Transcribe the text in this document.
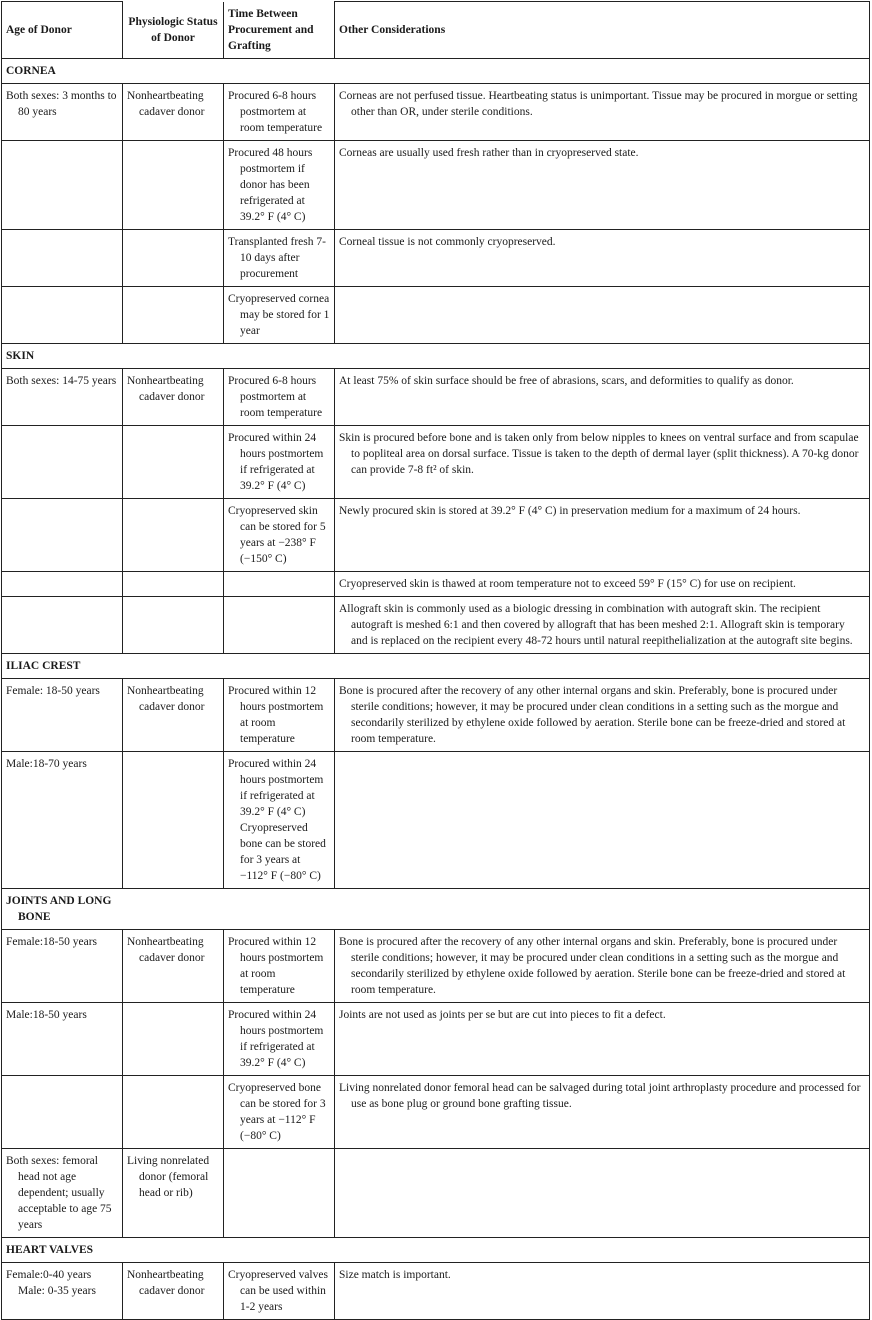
Age of Donor	Physiologic Status of Donor	Time Between Procurement and Grafting	Other Considerations
CORNEA			
Both sexes: 3 months to 80 years	Nonheartbeating cadaver donor	Procured 6-8 hours postmortem at room temperature	Corneas are not perfused tissue. Heartbeating status is unimportant. Tissue may be procured in morgue or setting other than OR, under sterile conditions.
		Procured 48 hours postmortem if donor has been refrigerated at 39.2° F (4° C)	Corneas are usually used fresh rather than in cryopreserved state.
		Transplanted fresh 7-10 days after procurement	Corneal tissue is not commonly cryopreserved.
		Cryopreserved cornea may be stored for 1 year	
SKIN			
Both sexes: 14-75 years	Nonheartbeating cadaver donor	Procured 6-8 hours postmortem at room temperature	At least 75% of skin surface should be free of abrasions, scars, and deformities to qualify as donor.
		Procured within 24 hours postmortem if refrigerated at 39.2° F (4° C)	Skin is procured before bone and is taken only from below nipples to knees on ventral surface and from scapulae to popliteal area on dorsal surface. Tissue is taken to the depth of dermal layer (split thickness). A 70-kg donor can provide 7-8 ft² of skin.
		Cryopreserved skin can be stored for 5 years at −238° F (−150° C)	Newly procured skin is stored at 39.2° F (4° C) in preservation medium for a maximum of 24 hours.
			Cryopreserved skin is thawed at room temperature not to exceed 59° F (15° C) for use on recipient.
			Allograft skin is commonly used as a biologic dressing in combination with autograft skin. The recipient autograft is meshed 6:1 and then covered by allograft that has been meshed 2:1. Allograft skin is temporary and is replaced on the recipient every 48-72 hours until natural reepithelialization at the autograft site begins.
ILIAC CREST			
Female: 18-50 years	Nonheartbeating cadaver donor	Procured within 12 hours postmortem at room temperature	Bone is procured after the recovery of any other internal organs and skin. Preferably, bone is procured under sterile conditions; however, it may be procured under clean conditions in a setting such as the morgue and secondarily sterilized by ethylene oxide followed by aeration. Sterile bone can be freeze-dried and stored at room temperature.
Male:18-70 years		Procured within 24 hours postmortem if refrigerated at 39.2° F (4° C) Cryopreserved bone can be stored for 3 years at −112° F (−80° C)	
JOINTS AND LONG BONE			
Female:18-50 years	Nonheartbeating cadaver donor	Procured within 12 hours postmortem at room temperature	Bone is procured after the recovery of any other internal organs and skin. Preferably, bone is procured under sterile conditions; however, it may be procured under clean conditions in a setting such as the morgue and secondarily sterilized by ethylene oxide followed by aeration. Sterile bone can be freeze-dried and stored at room temperature.
Male:18-50 years		Procured within 24 hours postmortem if refrigerated at 39.2° F (4° C)	Joints are not used as joints per se but are cut into pieces to fit a defect.
		Cryopreserved bone can be stored for 3 years at −112° F (−80° C)	Living nonrelated donor femoral head can be salvaged during total joint arthroplasty procedure and processed for use as bone plug or ground bone grafting tissue.
Both sexes: femoral head not age dependent; usually acceptable to age 75 years	Living nonrelated donor (femoral head or rib)		
HEART VALVES			
Female:0-40 years Male: 0-35 years	Nonheartbeating cadaver donor	Cryopreserved valves can be used within 1-2 years	Size match is important.
